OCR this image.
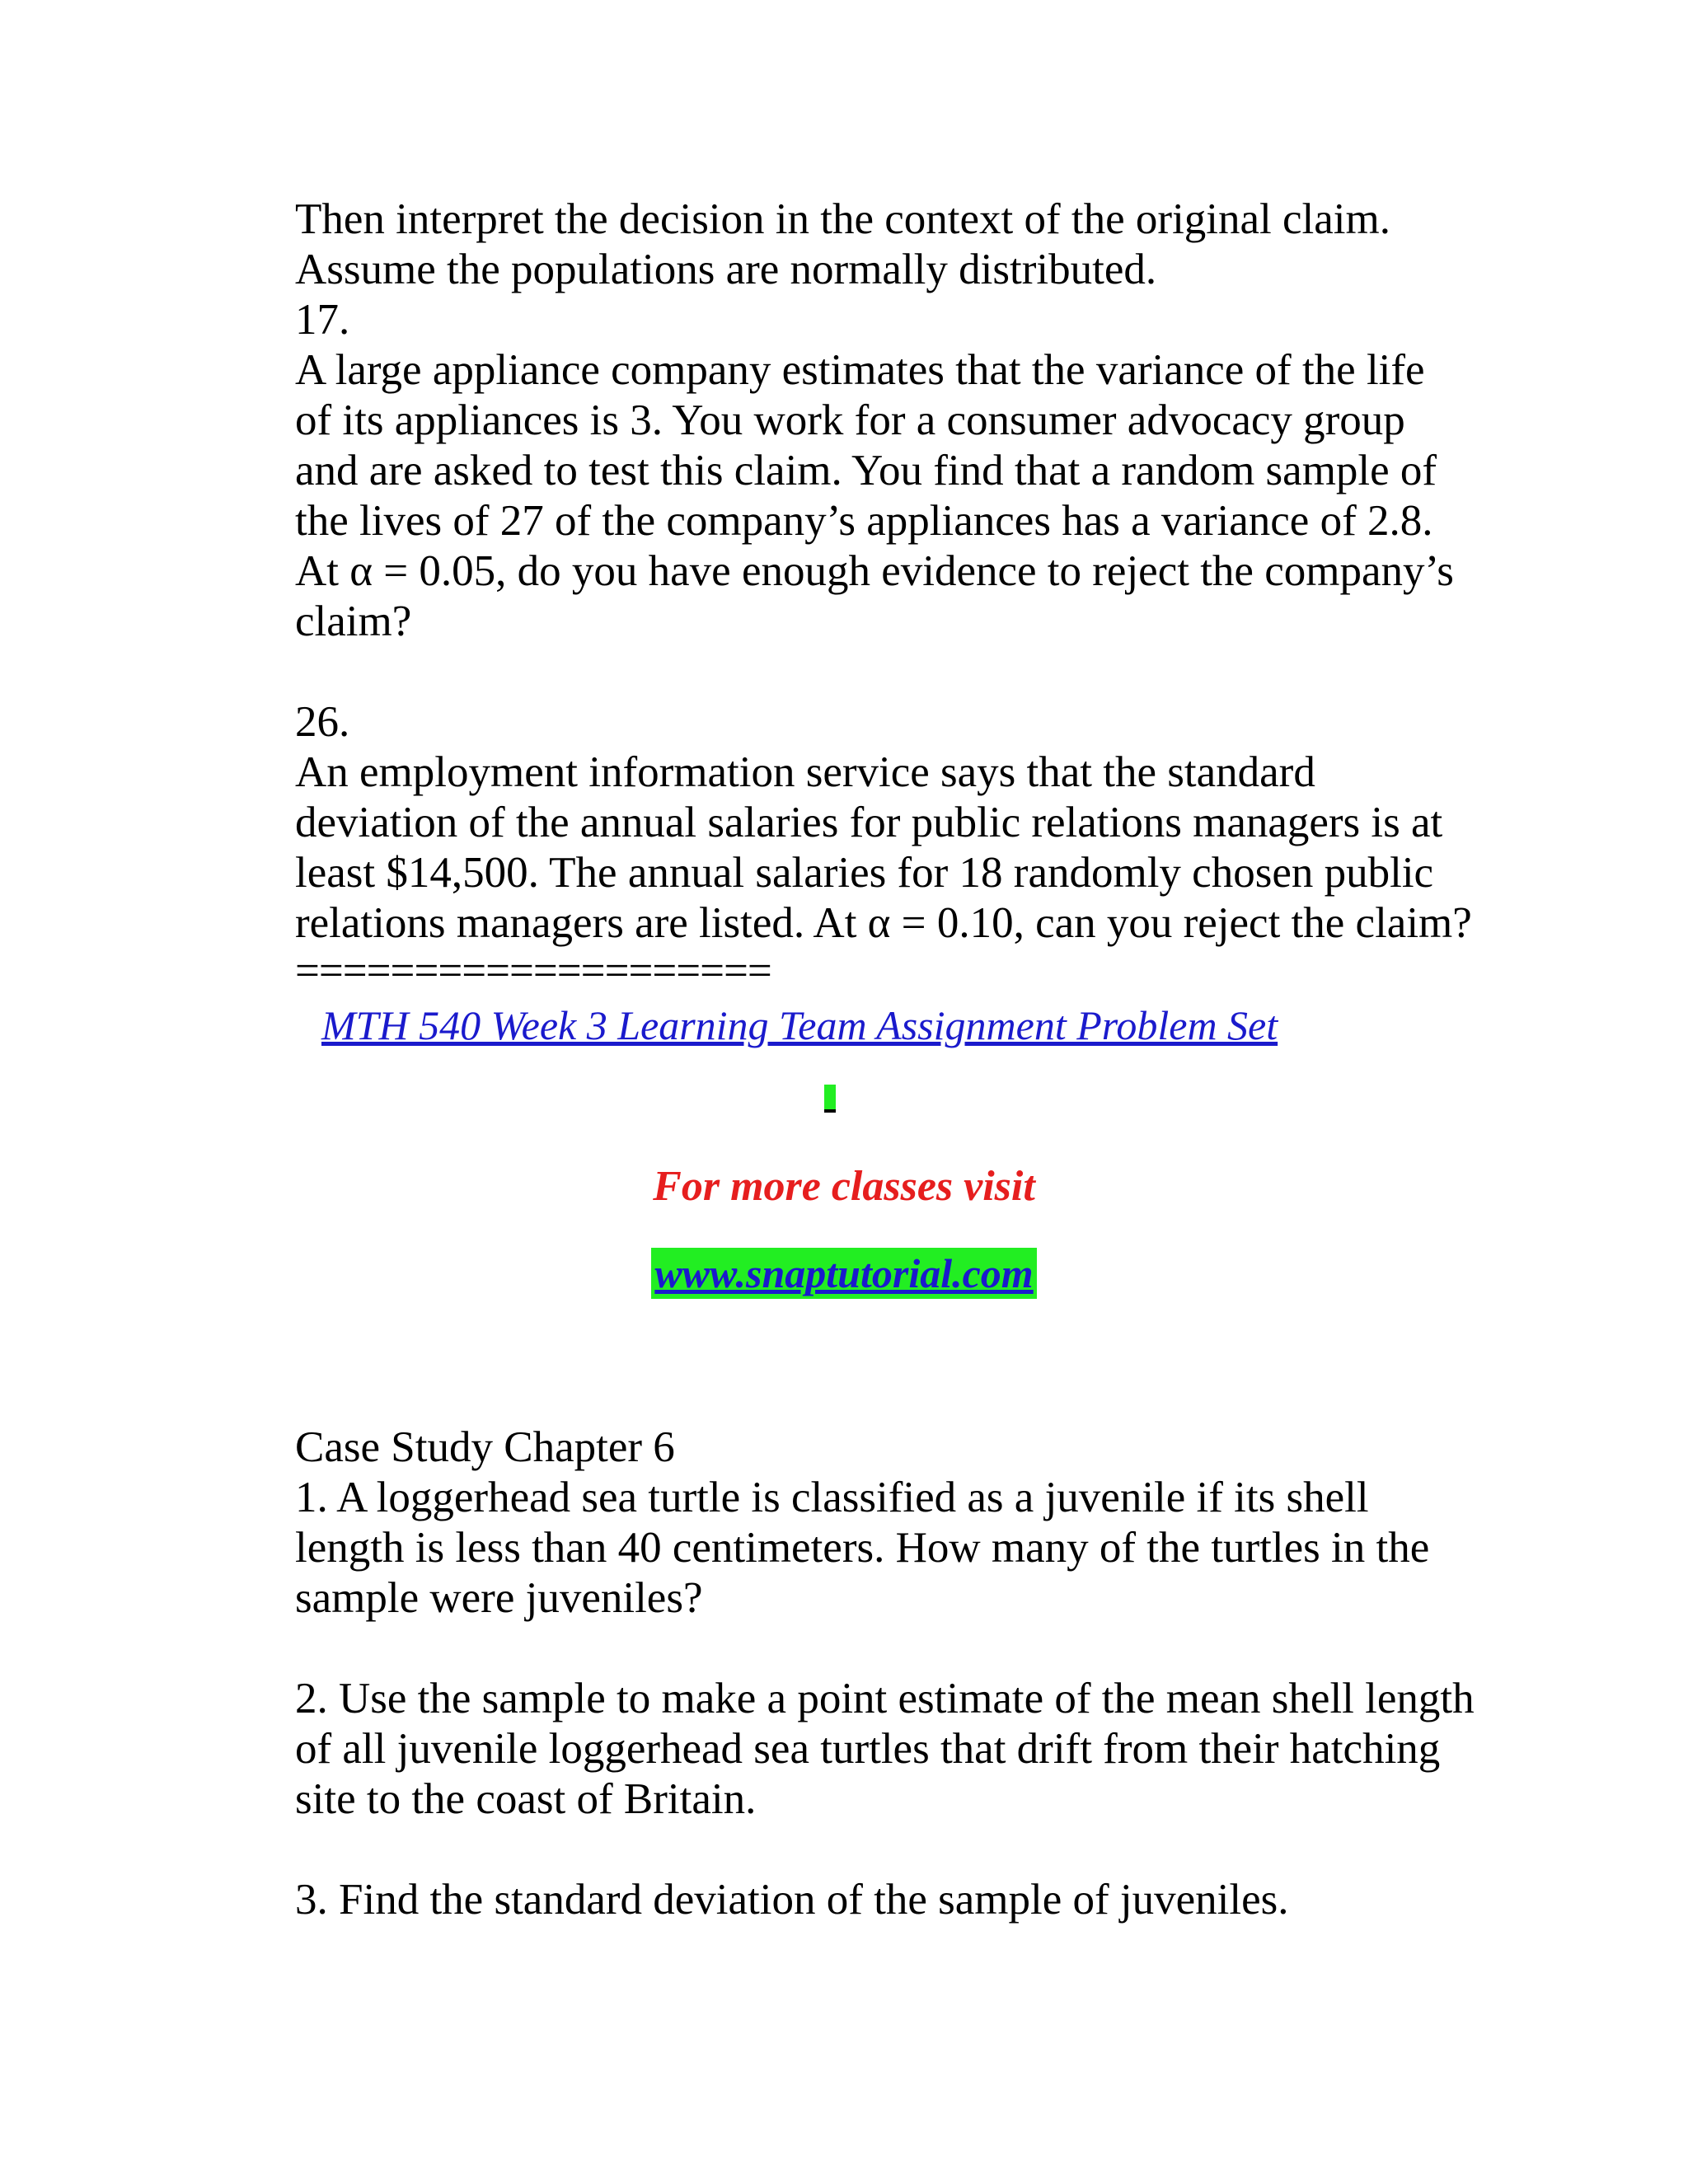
Then interpret the decision in the context of the original claim.
Assume the populations are normally distributed.
17.
A large appliance company estimates that the variance of the life
of its appliances is 3. You work for a consumer advocacy group
and are asked to test this claim. You find that a random sample of
the lives of 27 of the company’s appliances has a variance of 2.8.
At α = 0.05, do you have enough evidence to reject the company’s
claim?
26.
An employment information service says that the standard
deviation of the annual salaries for public relations managers is at
least $14,500. The annual salaries for 18 randomly chosen public
relations managers are listed. At α = 0.10, can you reject the claim?
====================
MTH 540 Week 3 Learning Team Assignment Problem Set
For more classes visit
www.snaptutorial.com
Case Study Chapter 6
1. A loggerhead sea turtle is classified as a juvenile if its shell
length is less than 40 centimeters. How many of the turtles in the
sample were juveniles?
2. Use the sample to make a point estimate of the mean shell length
of all juvenile loggerhead sea turtles that drift from their hatching
site to the coast of Britain.
3. Find the standard deviation of the sample of juveniles.
